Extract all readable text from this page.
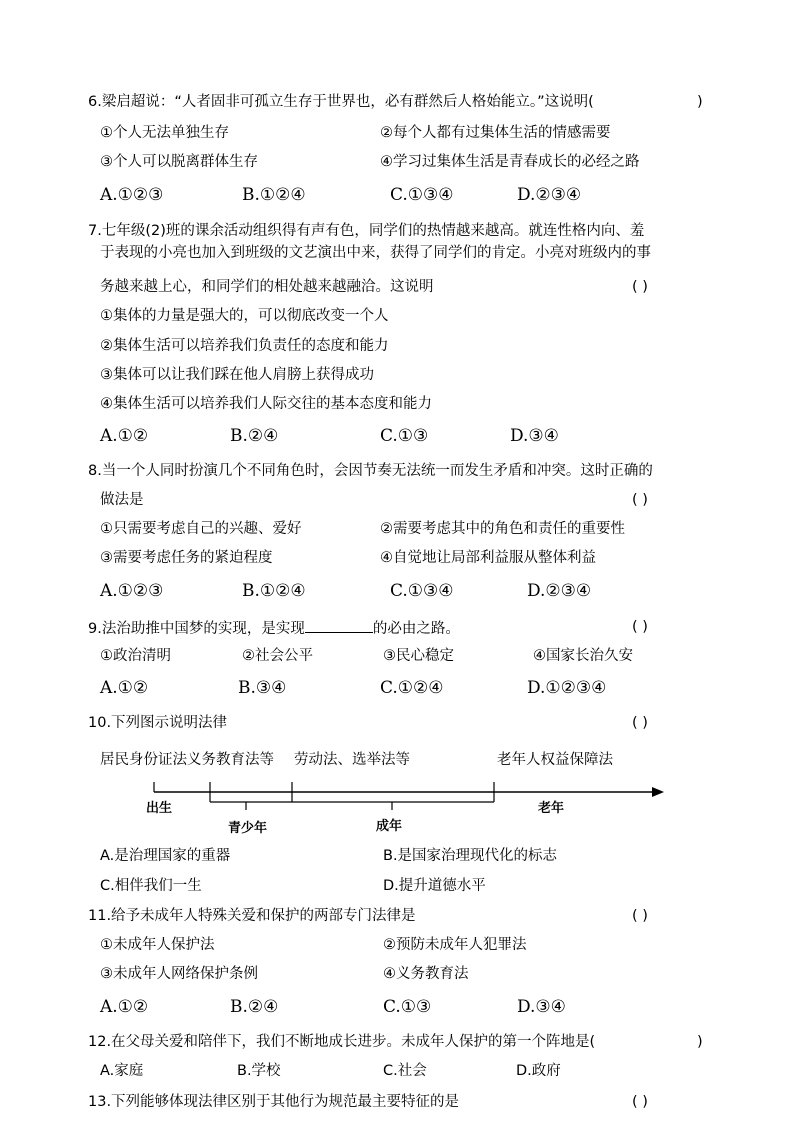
6.梁启超说：“人者固非可孤立生存于世界也，必有群然后人格始能立。”这说明(	)
①个人无法单独生存	②每个人都有过集体生活的情感需要
③个人可以脱离群体生存	④学习过集体生活是青春成长的必经之路
A.①②③	B.①②④	C.①③④	D.②③④
7.七年级(2)班的课余活动组织得有声有色，同学们的热情越来越高。就连性格内向、羞
于表现的小亮也加入到班级的文艺演出中来，获得了同学们的肯定。小亮对班级内的事
务越来越上心，和同学们的相处越来越融洽。这说明	( )
①集体的力量是强大的，可以彻底改变一个人
②集体生活可以培养我们负责任的态度和能力
③集体可以让我们踩在他人肩膀上获得成功
④集体生活可以培养我们人际交往的基本态度和能力
A.①②	B.②④	C.①③	D.③④
8.当一个人同时扮演几个不同角色时，会因节奏无法统一而发生矛盾和冲突。这时正确的
做法是	( )
①只需要考虑自己的兴趣、爱好	②需要考虑其中的角色和责任的重要性
③需要考虑任务的紧迫程度	④自觉地让局部利益服从整体利益
A.①②③	B.①②④	C.①③④	D.②③④
9.法治助推中国梦的实现，是实现	的必由之路。	( )
①政治清明	②社会公平	③民心稳定	④国家长治久安
A.①②	B.③④	C.①②④	D.①②③④
10.下列图示说明法律	( )
居民身份证法义务教育法等 劳动法、选举法等	老年人权益保障法
出生
青少年	成年
老年
A.是治理国家的重器	B.是国家治理现代化的标志
C.相伴我们一生	D.提升道德水平
11.给予未成年人特殊关爱和保护的两部专门法律是	( )
①未成年人保护法	②预防未成年人犯罪法
③未成年人网络保护条例	④义务教育法
A.①②	B.②④	C.①③	D.③④
12.在父母关爱和陪伴下，我们不断地成长进步。未成年人保护的第一个阵地是(	)
A.家庭	B.学校	C.社会	D.政府
13.下列能够体现法律区别于其他行为规范最主要特征的是	( )
